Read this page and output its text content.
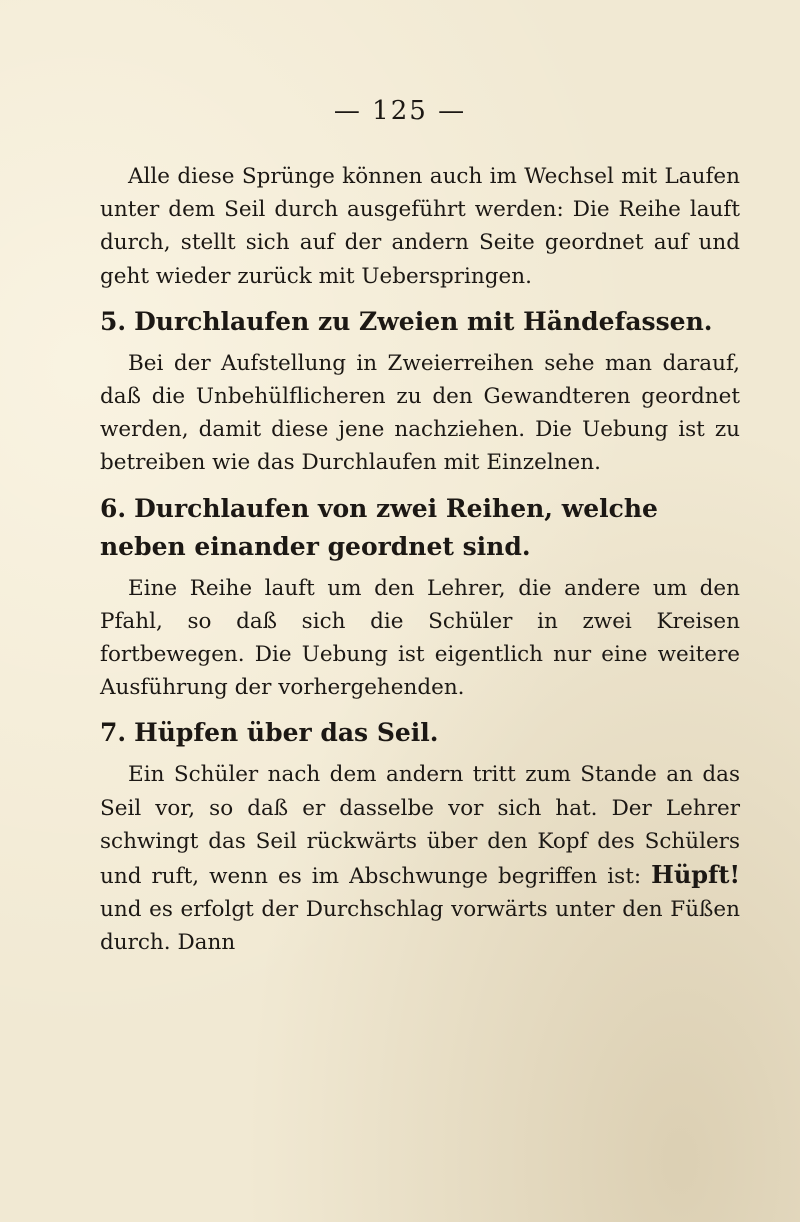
— 125 —

Alle diese Sprünge können auch im Wechsel mit Laufen unter dem Seil durch ausgeführt werden: Die Reihe lauft durch, stellt sich auf der andern Seite geordnet auf und geht wieder zurück mit Ueberspringen.

5. Durchlaufen zu Zweien mit Händefassen.

Bei der Aufstellung in Zweierreihen sehe man darauf, daß die Unbehülflicheren zu den Gewandteren geordnet werden, damit diese jene nachziehen. Die Uebung ist zu betreiben wie das Durchlaufen mit Einzelnen.

6. Durchlaufen von zwei Reihen, welche neben einander geordnet sind.

Eine Reihe lauft um den Lehrer, die andere um den Pfahl, so daß sich die Schüler in zwei Kreisen fortbewegen. Die Uebung ist eigentlich nur eine weitere Ausführung der vorhergehenden.

7. Hüpfen über das Seil.

Ein Schüler nach dem andern tritt zum Stande an das Seil vor, so daß er dasselbe vor sich hat. Der Lehrer schwingt das Seil rückwärts über den Kopf des Schülers und ruft, wenn es im Abschwunge begriffen ist: Hüpft! und es erfolgt der Durchschlag vorwärts unter den Füßen durch. Dann
